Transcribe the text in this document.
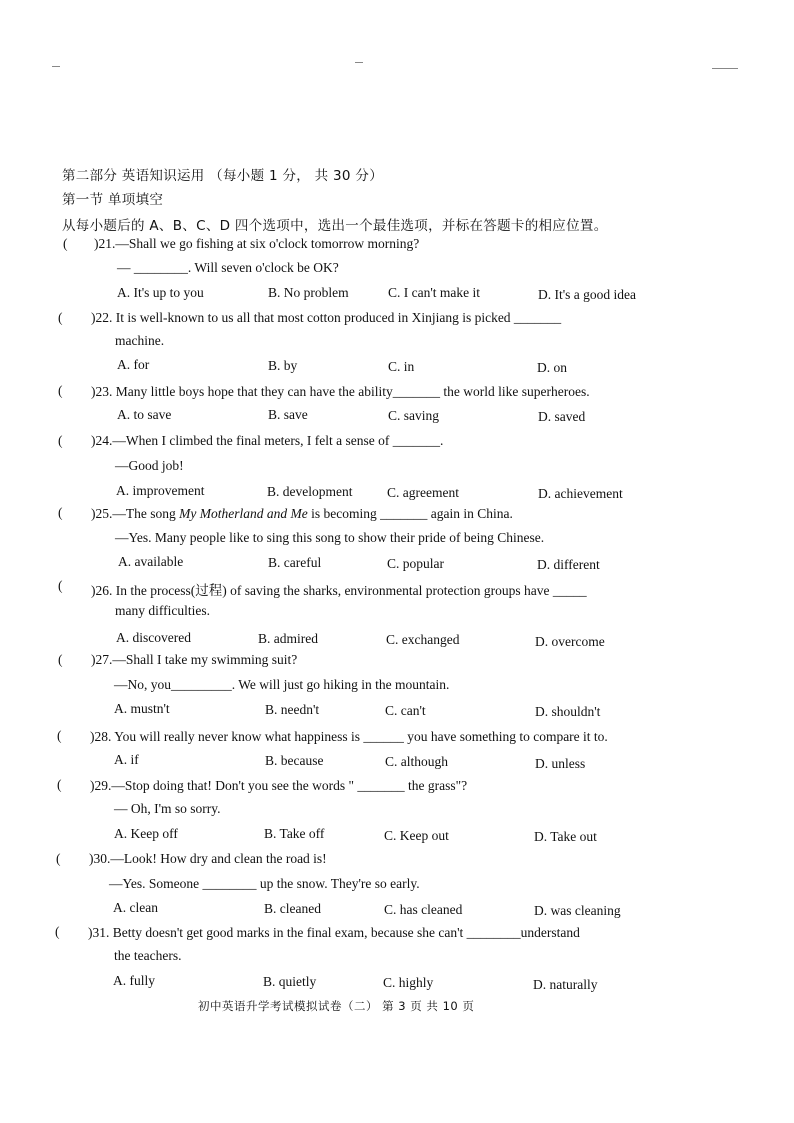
第二部分 英语知识运用 （每小题 1 分， 共 30 分）
第一节 单项填空
从每小题后的 A、B、C、D 四个选项中，选出一个最佳选项，并标在答题卡的相应位置。
( )21.—Shall we go fishing at six o'clock tomorrow morning?
— ________. Will seven o'clock be OK?
A. It's up to you	B. No problem	C. I can't make it	D. It's a good idea
( )22. It is well-known to us all that most cotton produced in Xinjiang is picked _______
machine.
A. for	B. by	C. in	D. on
( )23. Many little boys hope that they can have the ability_______ the world like superheroes.
A. to save	B. save	C. saving	D. saved
( )24.—When I climbed the final meters, I felt a sense of _______.
—Good job!
A. improvement	B. development	C. agreement	D. achievement
( )25.—The song My Motherland and Me is becoming _______ again in China.
—Yes. Many people like to sing this song to show their pride of being Chinese.
A. available	B. careful	C. popular	D. different
( )26. In the process(过程) of saving the sharks, environmental protection groups have _____
many difficulties.
A. discovered	B. admired	C. exchanged	D. overcome
( )27.—Shall I take my swimming suit?
—No, you_________. We will just go hiking in the mountain.
A. mustn't	B. needn't	C. can't	D. shouldn't
( )28. You will really never know what happiness is ______ you have something to compare it to.
A. if	B. because	C. although	D. unless
( )29.—Stop doing that! Don't you see the words " _______ the grass"?
— Oh, I'm so sorry.
A. Keep off	B. Take off	C. Keep out	D. Take out
( )30.—Look! How dry and clean the road is!
—Yes. Someone ________ up the snow. They're so early.
A. clean	B. cleaned	C. has cleaned	D. was cleaning
( )31. Betty doesn't get good marks in the final exam, because she can't ________understand
the teachers.
A. fully	B. quietly	C. highly	D. naturally
初中英语升学考试模拟试卷（二） 第 3 页 共 10 页
